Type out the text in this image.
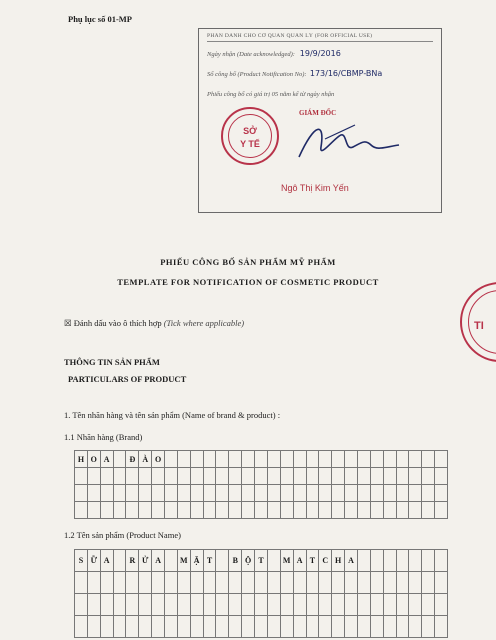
Phụ lục số 01-MP
PHẦN DÀNH CHO CƠ QUAN QUẢN LÝ (FOR OFFICIAL USE)
Ngày nhận (Date acknowledged): 19/9/2016
Số công bố (Product Notification No): 173/16/CBMP-BNa
Phiếu công bố có giá trị 05 năm kể từ ngày nhận
GIÁM ĐỐC
Ngô Thị Kim Yến
SỞ
Y TẾ
TI
PHIẾU CÔNG BỐ SẢN PHẨM MỸ PHẨM
TEMPLATE FOR NOTIFICATION OF COSMETIC PRODUCT
☒ Đánh dấu vào ô thích hợp (Tick where applicable)
THÔNG TIN SẢN PHẨM
PARTICULARS OF PRODUCT
1. Tên nhãn hàng và tên sản phẩm (Name of brand & product) :
1.1 Nhãn hàng (Brand)
H O A	Đ À O
1.2 Tên sản phẩm (Product Name)
S Ữ A	R Ử A	M Ặ T	B Ộ T	M A T C H A
